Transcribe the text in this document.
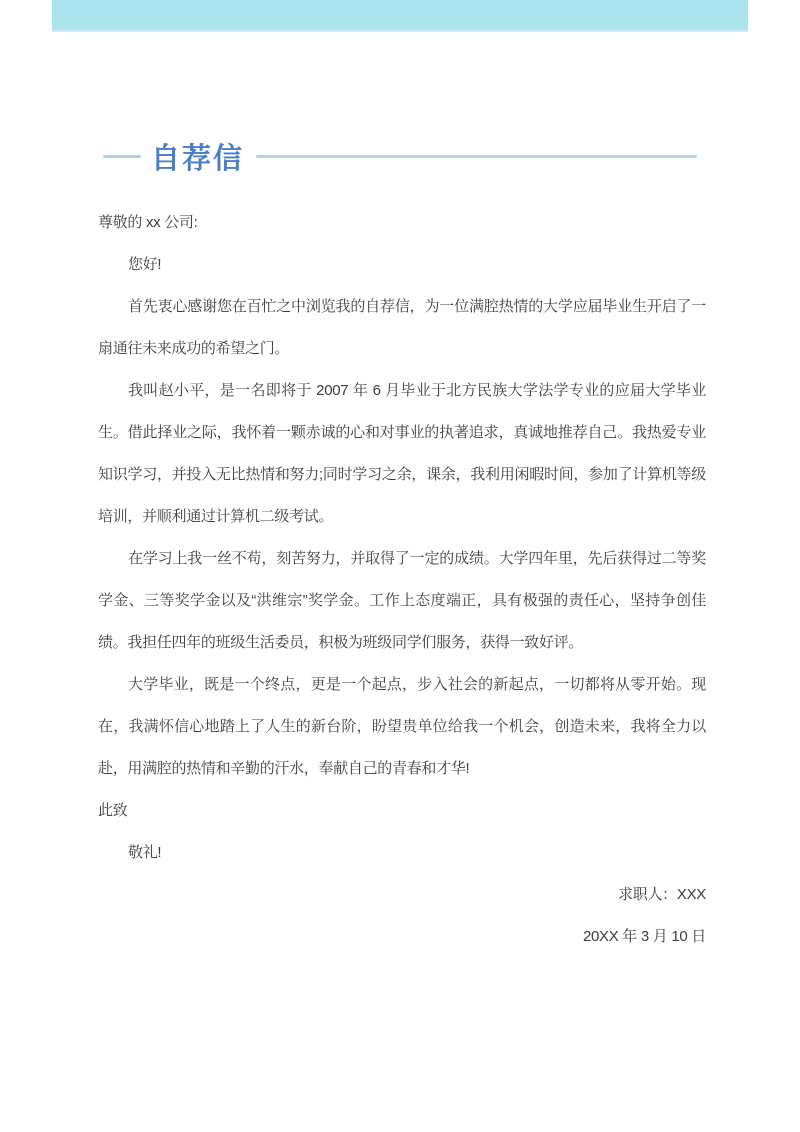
自荐信

尊敬的 xx 公司:

您好!

首先衷心感谢您在百忙之中浏览我的自荐信，为一位满腔热情的大学应届毕业生开启了一扇通往未来成功的希望之门。

我叫赵小平，是一名即将于 2007 年 6 月毕业于北方民族大学法学专业的应届大学毕业生。借此择业之际，我怀着一颗赤诚的心和对事业的执著追求，真诚地推荐自己。我热爱专业知识学习，并投入无比热情和努力;同时学习之余，课余，我利用闲暇时间，参加了计算机等级培训，并顺利通过计算机二级考试。

在学习上我一丝不苟，刻苦努力，并取得了一定的成绩。大学四年里，先后获得过二等奖学金、三等奖学金以及“洪维宗”奖学金。工作上态度端正，具有极强的责任心，坚持争创佳绩。我担任四年的班级生活委员，积极为班级同学们服务，获得一致好评。

大学毕业，既是一个终点，更是一个起点，步入社会的新起点，一切都将从零开始。现在，我满怀信心地踏上了人生的新台阶，盼望贵单位给我一个机会，创造未来，我将全力以赴，用满腔的热情和辛勤的汗水，奉献自己的青春和才华!

此致

敬礼!

求职人：XXX

20XX 年 3 月 10 日
